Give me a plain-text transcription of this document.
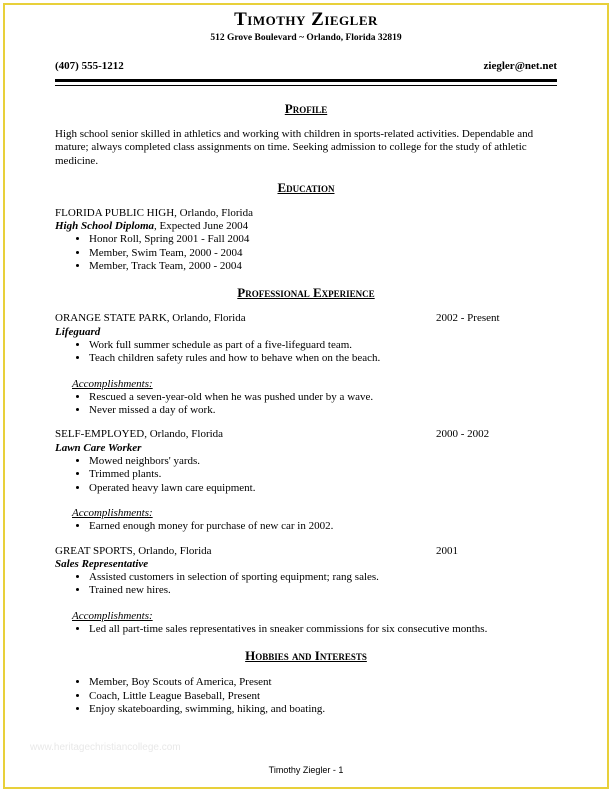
Timothy Ziegler
512 Grove Boulevard ~ Orlando, Florida 32819
(407) 555-1212	ziegler@net.net
Profile

High school senior skilled in athletics and working with children in sports-related activities. Dependable and mature; always completed class assignments on time. Seeking admission to college for the study of athletic medicine.

Education
FLORIDA PUBLIC HIGH, Orlando, Florida
High School Diploma, Expected June 2004
• Honor Roll, Spring 2001 - Fall 2004
• Member, Swim Team, 2000 - 2004
• Member, Track Team, 2000 - 2004
Professional Experience
ORANGE STATE PARK, Orlando, Florida	2002 - Present
Lifeguard
• Work full summer schedule as part of a five-lifeguard team.
• Teach children safety rules and how to behave when on the beach.
Accomplishments:
• Rescued a seven-year-old when he was pushed under by a wave.
• Never missed a day of work.
SELF-EMPLOYED, Orlando, Florida	2000 - 2002
Lawn Care Worker
• Mowed neighbors' yards.
• Trimmed plants.
• Operated heavy lawn care equipment.
Accomplishments:
• Earned enough money for purchase of new car in 2002.
GREAT SPORTS, Orlando, Florida	2001
Sales Representative
• Assisted customers in selection of sporting equipment; rang sales.
• Trained new hires.
Accomplishments:
• Led all part-time sales representatives in sneaker commissions for six consecutive months.
Hobbies and Interests
• Member, Boy Scouts of America, Present
• Coach, Little League Baseball, Present
• Enjoy skateboarding, swimming, hiking, and boating.
www.heritagechristiancollege.com
Timothy Ziegler - 1
